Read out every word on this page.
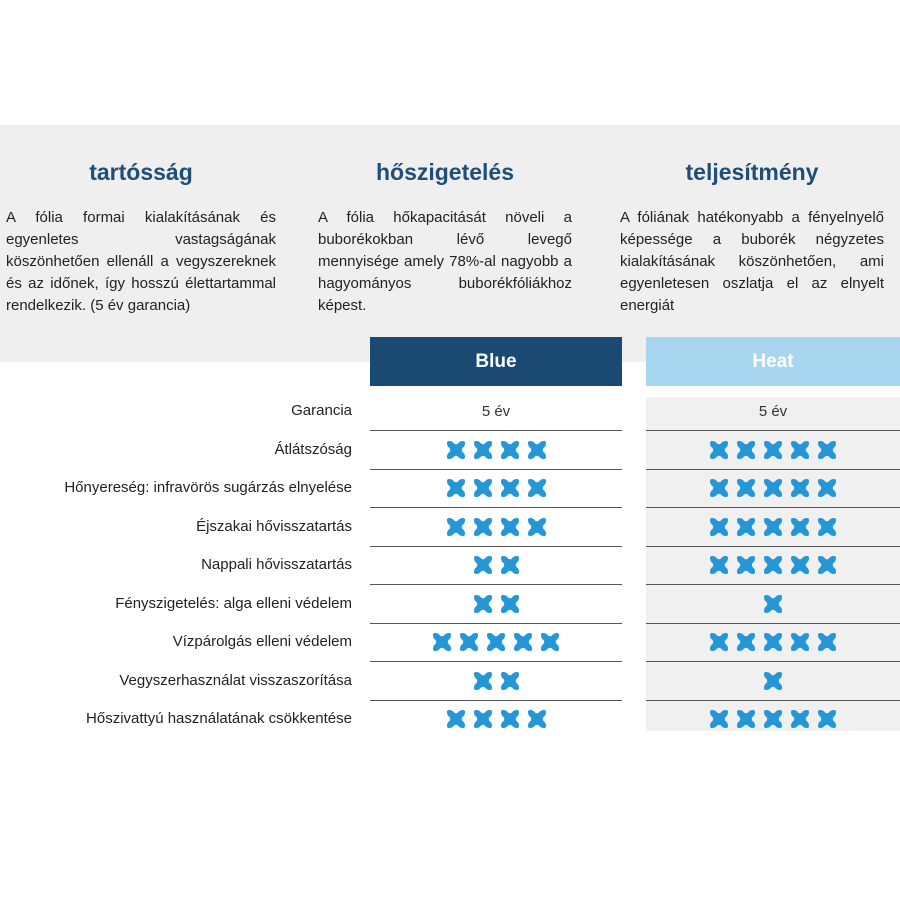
tartósság

A fólia formai kialakításának és egyenletes vastagságának köszönhetően ellenáll a vegyszereknek és az időnek, így hosszú élettartammal rendelkezik. (5 év garancia)

hőszigetelés

A fólia hőkapacitását növeli a buborékokban lévő levegő mennyisége amely 78%-al nagyobb a hagyományos buborékfóliákhoz képest.

teljesítmény

A fóliának hatékonyabb a fényelnyelő képessége a buborék négyzetes kialakításának köszönhetően, ami egyenletesen oszlatja el az elnyelt energiát

Blue	Heat
Garancia	5 év	5 év
Átlátszóság
Hőnyereség: infravörös sugárzás elnyelése
Éjszakai hővisszatartás
Nappali hővisszatartás
Fényszigetelés: alga elleni védelem
Vízpárolgás elleni védelem
Vegyszerhasználat visszaszorítása
Hőszivattyú használatának csökkentése
